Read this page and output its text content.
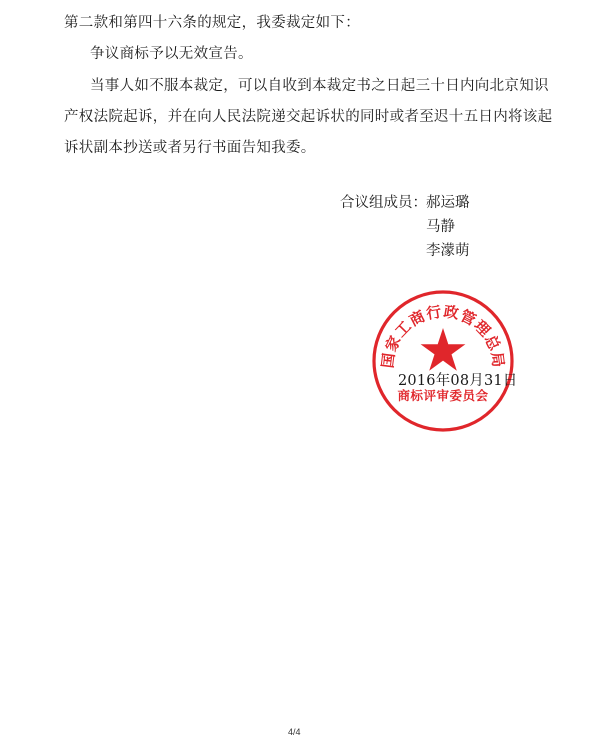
第二款和第四十六条的规定，我委裁定如下：
争议商标予以无效宣告。
当事人如不服本裁定，可以自收到本裁定书之日起三十日内向北京知识
产权法院起诉，并在向人民法院递交起诉状的同时或者至迟十五日内将该起
诉状副本抄送或者另行书面告知我委。
合议组成员： 郝运璐
马静
李濛萌
国家工商行政管理总局
商标评审委员会
2016年08月31日
4/4
